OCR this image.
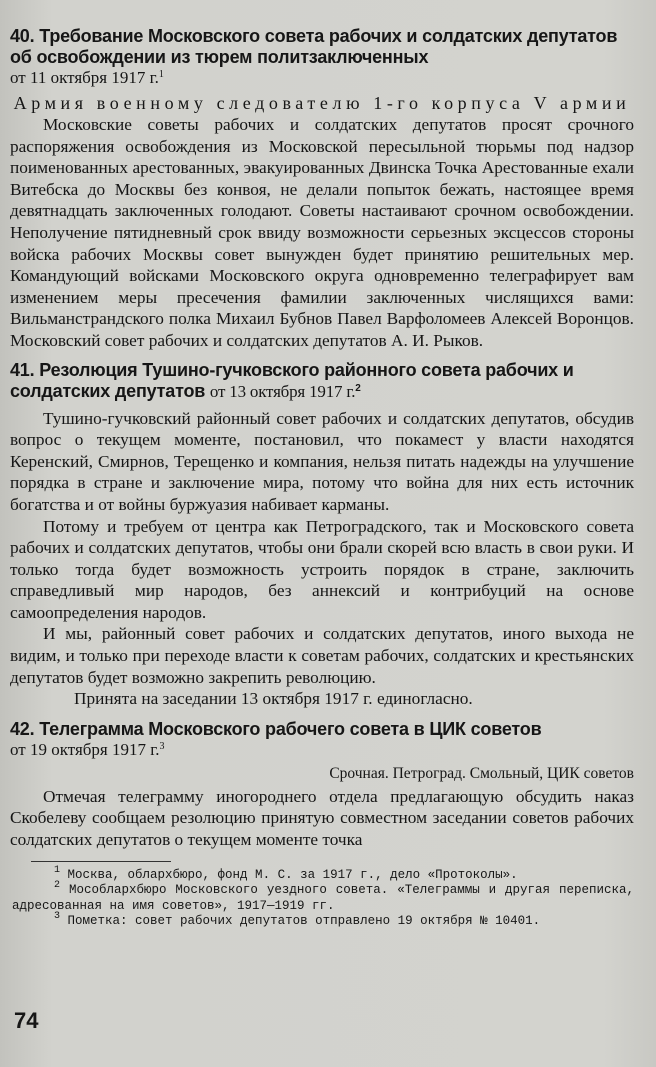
40. Требование Московского совета рабочих и солдатских депутатов об освобождении из тюрем политзаключенных

от 11 октября 1917 г.$^1$

Армия военному следователю 1-го корпуса V армии

Московские советы рабочих и солдатских депутатов просят срочного распоряжения освобождения из Московской пересыльной тюрьмы под надзор поименованных арестованных, эвакуированных Двинска Точка Арестованные ехали Витебска до Москвы без конвоя, не делали попыток бежать, настоящее время девятнадцать заключенных голодают. Советы настаивают срочном освобождении. Неполучение пятидневный срок ввиду возможности серьезных эксцессов стороны войска рабочих Москвы совет вынужден будет принятию решительных мер. Командующий войсками Московского округа одновременно телеграфирует вам изменением меры пресечения фамилии заключенных числящихся вами: Вильманстрандского полка Михаил Бубнов Павел Варфоломеев Алексей Воронцов. Московский совет рабочих и солдатских депутатов А. И. Рыков.

41. Резолюция Тушино-гучковского районного совета рабочих и солдатских депутатов от 13 октября 1917 г.$^2$

Тушино-гучковский районный совет рабочих и солдатских депутатов, обсудив вопрос о текущем моменте, постановил, что покамест у власти находятся Керенский, Смирнов, Терещенко и компания, нельзя питать надежды на улучшение порядка в стране и заключение мира, потому что война для них есть источник богатства и от войны буржуазия набивает карманы.

Потому и требуем от центра как Петроградского, так и Московского совета рабочих и солдатских депутатов, чтобы они брали скорей всю власть в свои руки. И только тогда будет возможность устроить порядок в стране, заключить справедливый мир народов, без аннексий и контрибуций на основе самоопределения народов.

И мы, районный совет рабочих и солдатских депутатов, иного выхода не видим, и только при переходе власти к советам рабочих, солдатских и крестьянских депутатов будет возможно закрепить революцию.

Принята на заседании 13 октября 1917 г. единогласно.

42. Телеграмма Московского рабочего совета в ЦИК советов

от 19 октября 1917 г.$^3$

Срочная. Петроград. Смольный, ЦИК советов

Отмечая телеграмму иногороднего отдела предлагающую обсудить наказ Скобелеву сообщаем резолюцию принятую совместном заседании советов рабочих солдатских депутатов о текущем моменте точка

$^1$ Москва, облархбюро, фонд М. С. за 1917 г., дело «Протоколы».

$^2$ Мособлархбюро Московского уездного совета. «Телеграммы и другая переписка, адресованная на имя советов», 1917—1919 гг.

$^3$ Пометка: совет рабочих депутатов отправлено 19 октября № 10401.

74
